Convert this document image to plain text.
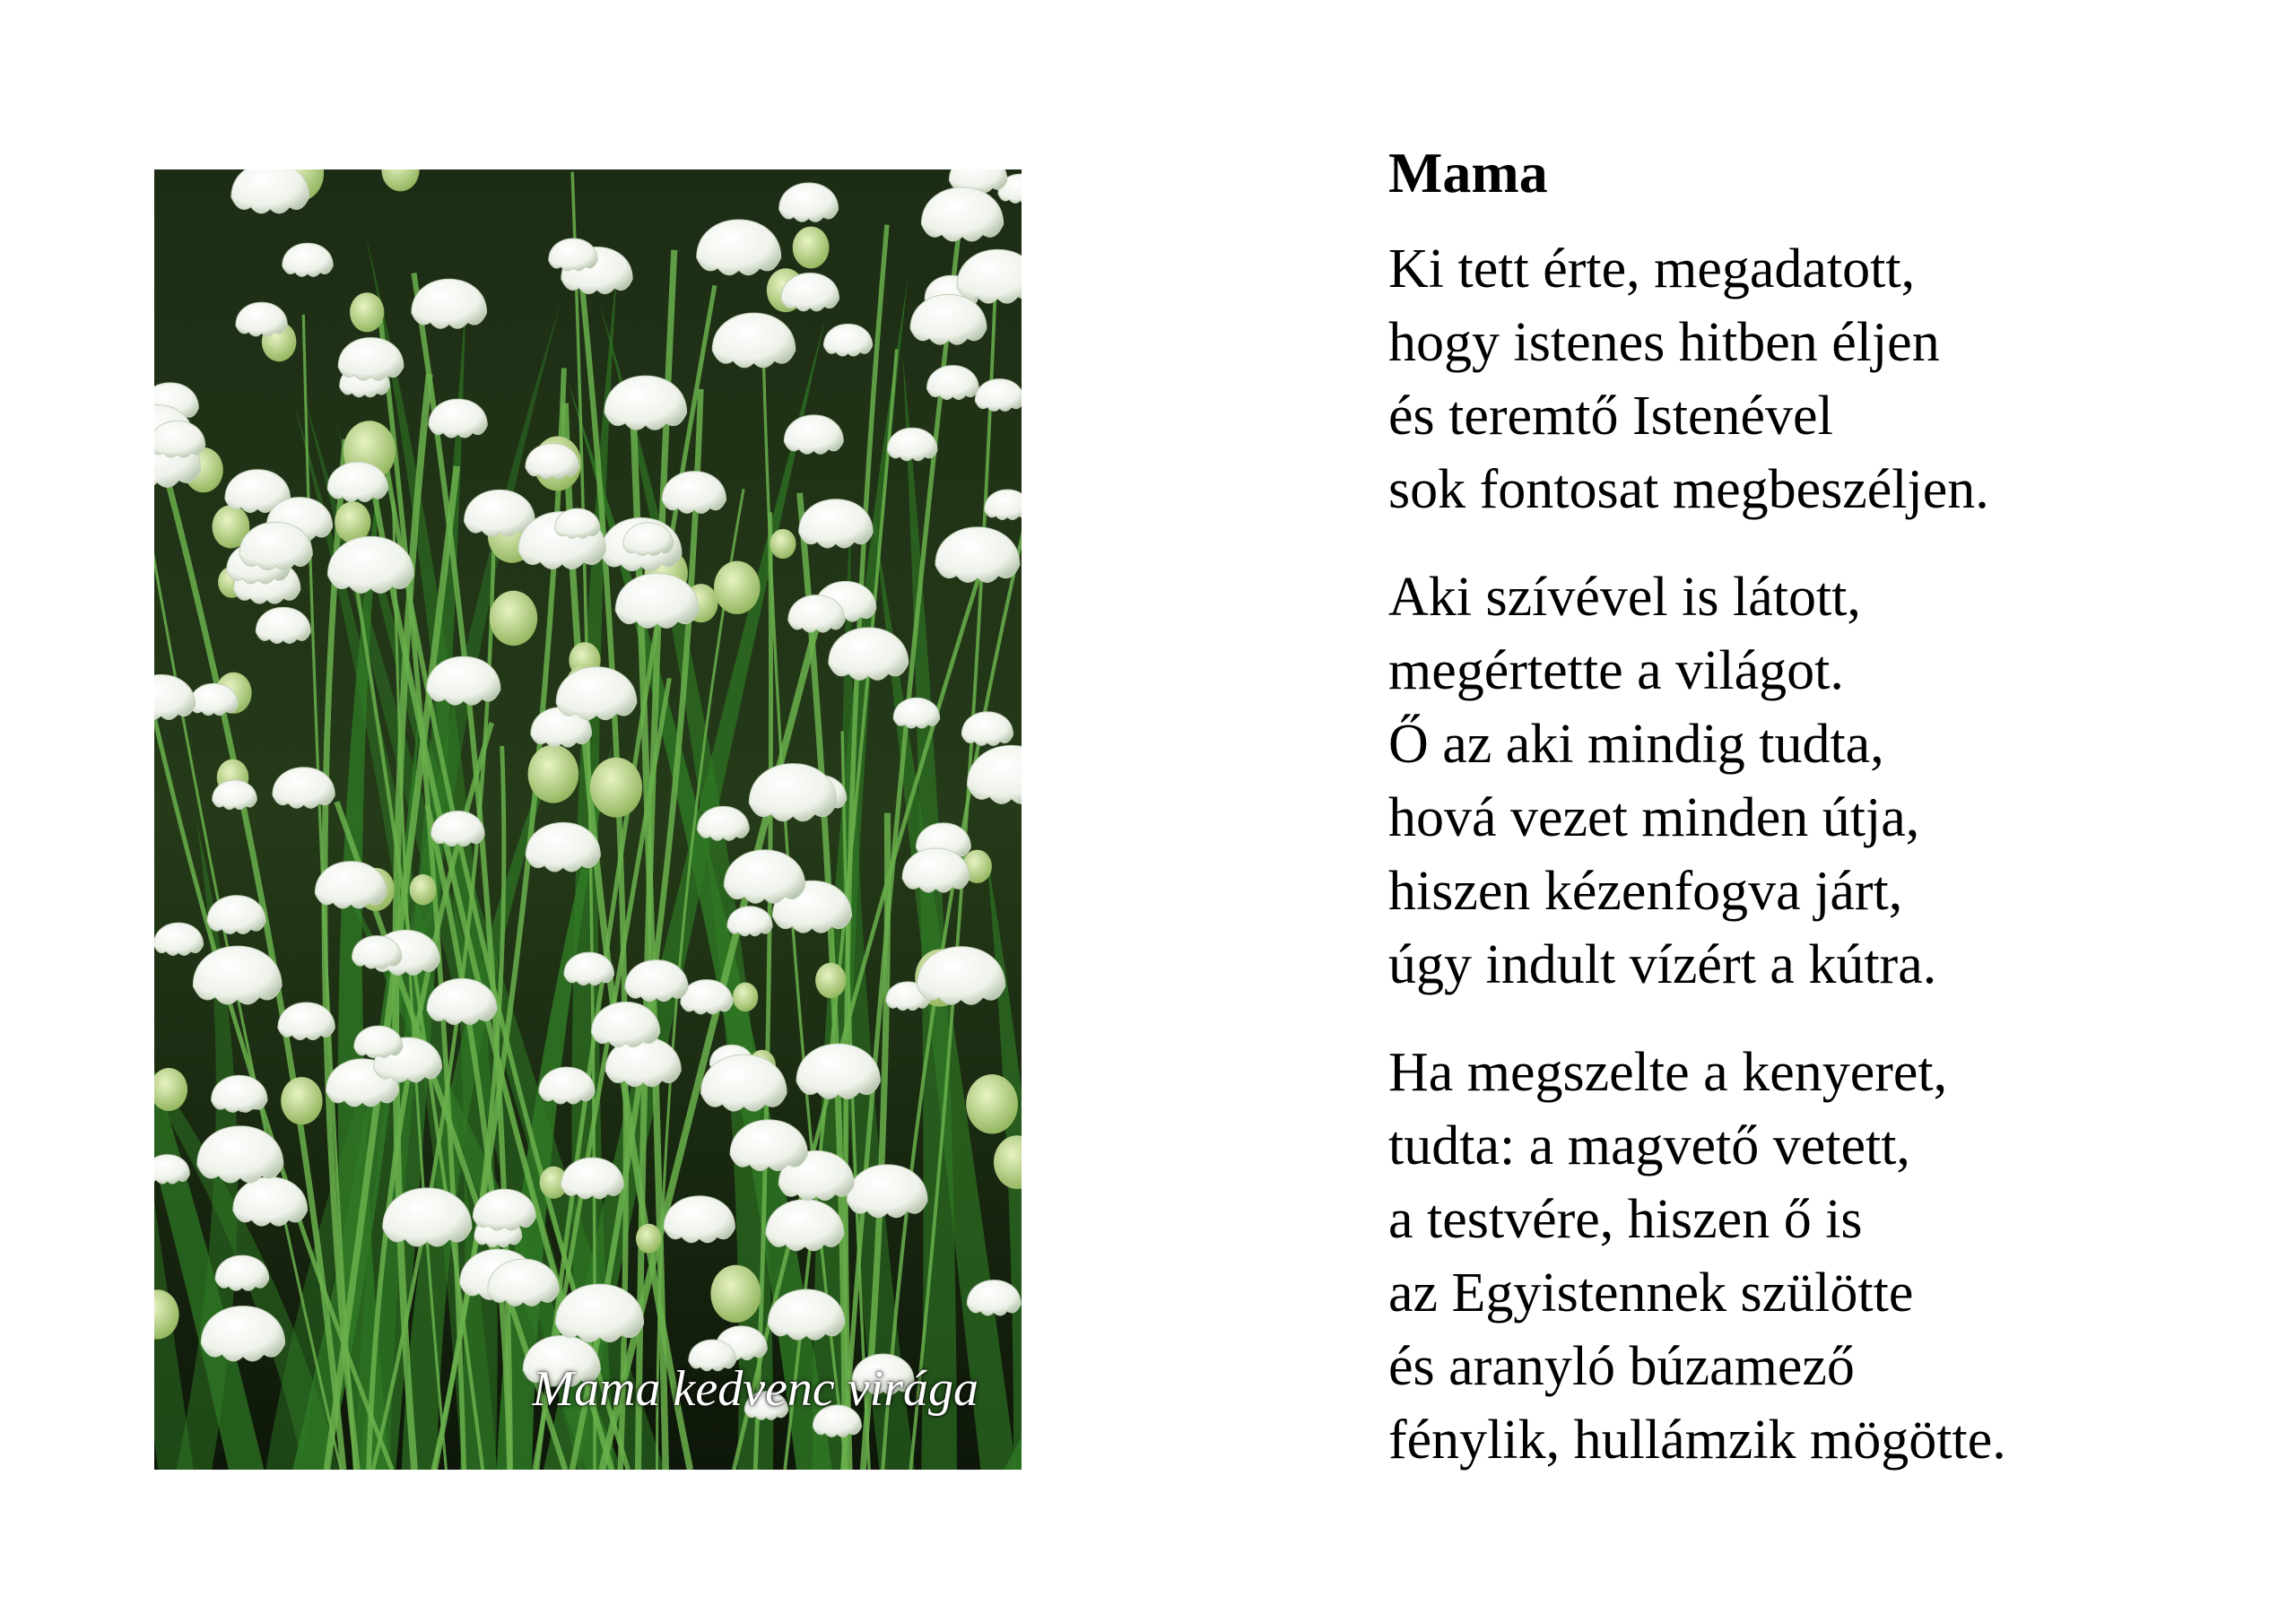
Mama kedvenc virága
Mama
Ki tett érte, megadatott,
hogy istenes hitben éljen
és teremtő Istenével
sok fontosat megbeszéljen.
Aki szívével is látott,
megértette a világot.
Ő az aki mindig tudta,
hová vezet minden útja,
hiszen kézenfogva járt,
úgy indult vízért a kútra.
Ha megszelte a kenyeret,
tudta: a magvető vetett,
a testvére, hiszen ő is
az Egyistennek szülötte
és aranyló búzamező
fénylik, hullámzik mögötte.
